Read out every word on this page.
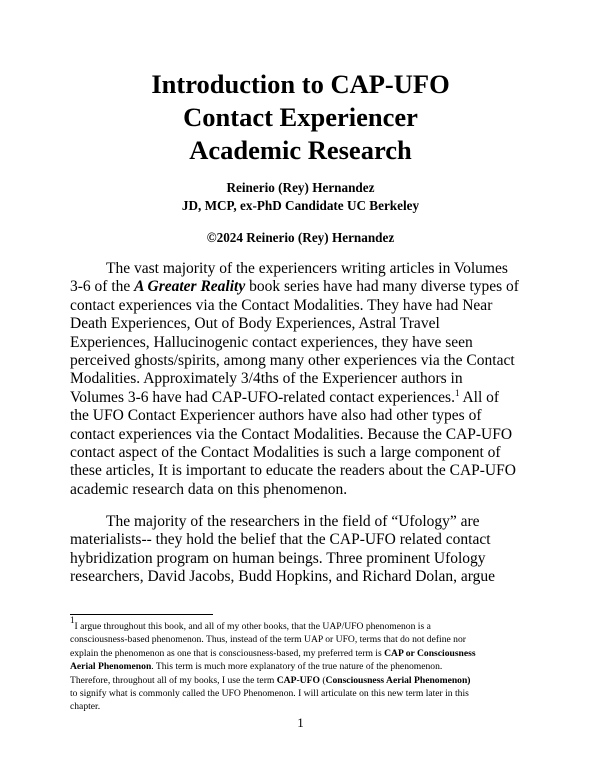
Introduction to CAP-UFO
Contact Experiencer
Academic Research
Reinerio (Rey) Hernandez
JD, MCP, ex-PhD Candidate UC Berkeley
©2024 Reinerio (Rey) Hernandez
The vast majority of the experiencers writing articles in Volumes
3-6 of the A Greater Reality book series have had many diverse types of
contact experiences via the Contact Modalities. They have had Near
Death Experiences, Out of Body Experiences, Astral Travel
Experiences, Hallucinogenic contact experiences, they have seen
perceived ghosts/spirits, among many other experiences via the Contact
Modalities. Approximately 3/4ths of the Experiencer authors in
Volumes 3-6 have had CAP-UFO-related contact experiences.$^1$ All of
the UFO Contact Experiencer authors have also had other types of
contact experiences via the Contact Modalities. Because the CAP-UFO
contact aspect of the Contact Modalities is such a large component of
these articles, It is important to educate the readers about the CAP-UFO
academic research data on this phenomenon.
The majority of the researchers in the field of “Ufology” are
materialists-- they hold the belief that the CAP-UFO related contact
hybridization program on human beings. Three prominent Ufology
researchers, David Jacobs, Budd Hopkins, and Richard Dolan, argue
$^1$I argue throughout this book, and all of my other books, that the UAP/UFO phenomenon is a
consciousness-based phenomenon. Thus, instead of the term UAP or UFO, terms that do not define nor
explain the phenomenon as one that is consciousness-based, my preferred term is CAP or Consciousness
Aerial Phenomenon. This term is much more explanatory of the true nature of the phenomenon.
Therefore, throughout all of my books, I use the term CAP-UFO (Consciousness Aerial Phenomenon)
to signify what is commonly called the UFO Phenomenon. I will articulate on this new term later in this
chapter.
1
